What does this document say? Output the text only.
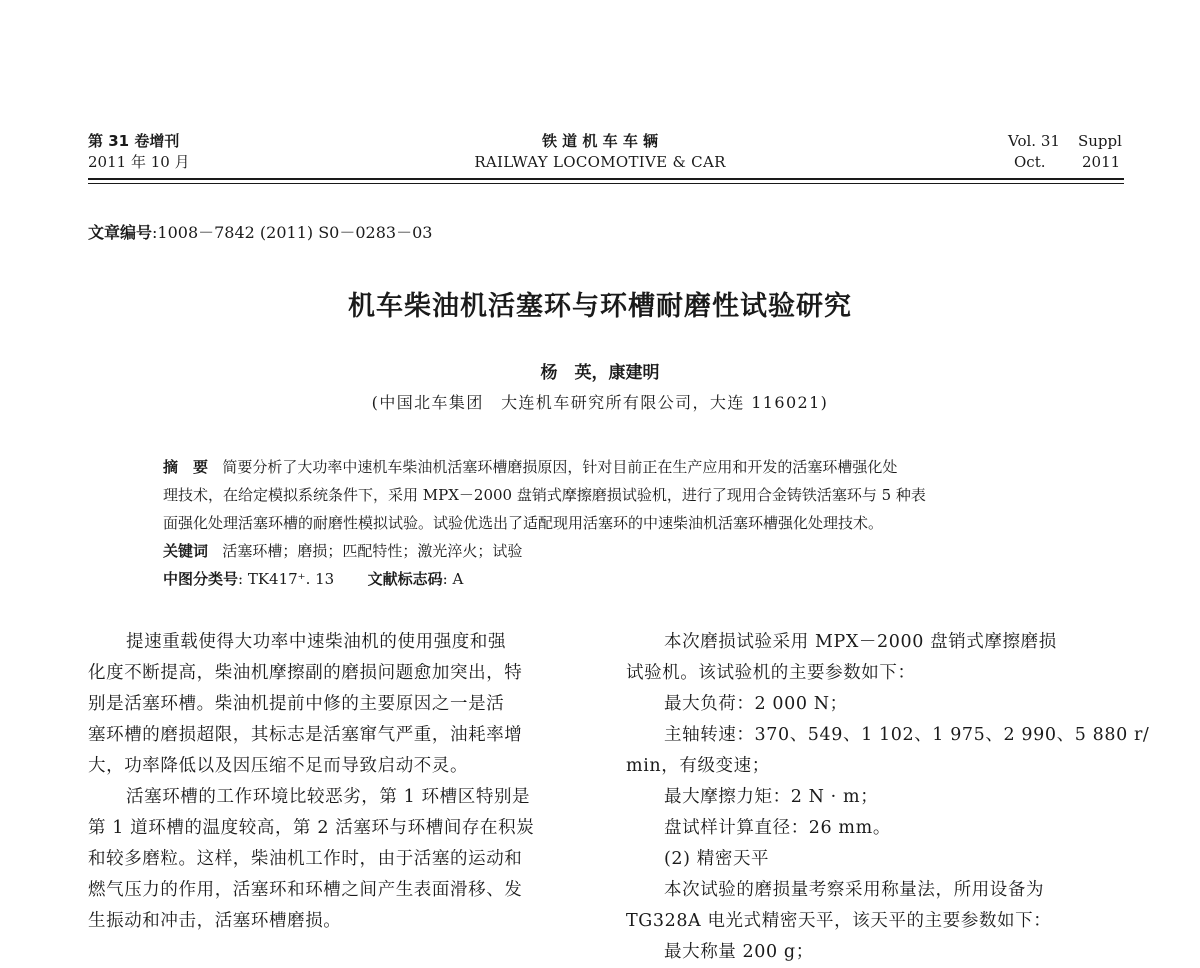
第 31 卷增刊
2011 年 10 月
铁 道 机 车 车 辆
RAILWAY LOCOMOTIVE & CAR
Vol. 31 Suppl
Oct. 2011
文章编号:1008－7842 (2011) S0－0283－03
机车柴油机活塞环与环槽耐磨性试验研究
杨　英，康建明
(中国北车集团　大连机车研究所有限公司，大连 116021)
摘　要 简要分析了大功率中速机车柴油机活塞环槽磨损原因，针对目前正在生产应用和开发的活塞环槽强化处
理技术，在给定模拟系统条件下，采用 MPX－2000 盘销式摩擦磨损试验机，进行了现用合金铸铁活塞环与 5 种表
面强化处理活塞环槽的耐磨性模拟试验。试验优选出了适配现用活塞环的中速柴油机活塞环槽强化处理技术。
关键词 活塞环槽；磨损；匹配特性；激光淬火；试验
中图分类号: TK417⁺. 13 文献标志码: A

提速重载使得大功率中速柴油机的使用强度和强

化度不断提高，柴油机摩擦副的磨损问题愈加突出，特

别是活塞环槽。柴油机提前中修的主要原因之一是活

塞环槽的磨损超限，其标志是活塞窜气严重，油耗率增

大，功率降低以及因压缩不足而导致启动不灵。

活塞环槽的工作环境比较恶劣，第 1 环槽区特别是

第 1 道环槽的温度较高，第 2 活塞环与环槽间存在积炭

和较多磨粒。这样，柴油机工作时，由于活塞的运动和

燃气压力的作用，活塞环和环槽之间产生表面滑移、发

生振动和冲击，活塞环槽磨损。

本次磨损试验采用 MPX－2000 盘销式摩擦磨损

试验机。该试验机的主要参数如下：

最大负荷：2 000 N；

主轴转速：370、549、1 102、1 975、2 990、5 880 r/

min，有级变速；

最大摩擦力矩：2 N · m；

盘试样计算直径：26 mm。

(2) 精密天平

本次试验的磨损量考察采用称量法，所用设备为

TG328A 电光式精密天平，该天平的主要参数如下：

最大称量 200 g；
